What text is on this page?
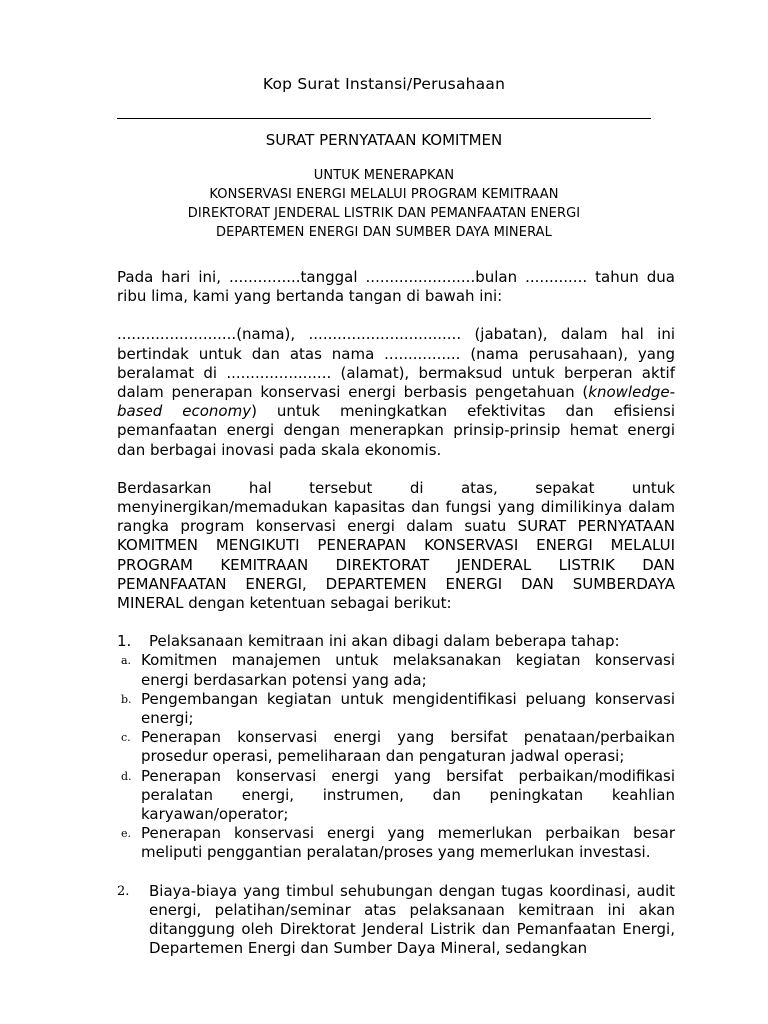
Kop Surat Instansi/Perusahaan
SURAT PERNYATAAN KOMITMEN
UNTUK MENERAPKAN
KONSERVASI ENERGI MELALUI PROGRAM KEMITRAAN
DIREKTORAT JENDERAL LISTRIK DAN PEMANFAATAN ENERGI
DEPARTEMEN ENERGI DAN SUMBER DAYA MINERAL

Pada hari ini, ...............tanggal .......................bulan ............. tahun dua ribu lima, kami yang bertanda tangan di bawah ini:

.........................(nama), ................................ (jabatan), dalam hal ini bertindak untuk dan atas nama ................ (nama perusahaan), yang beralamat di ...................... (alamat), bermaksud untuk berperan aktif dalam penerapan konservasi energi berbasis pengetahuan (knowledge-based economy) untuk meningkatkan efektivitas dan efisiensi pemanfaatan energi dengan menerapkan prinsip-prinsip hemat energi dan berbagai inovasi pada skala ekonomis.

Berdasarkan hal tersebut di atas, sepakat untuk menyinergikan/memadukan kapasitas dan fungsi yang dimilikinya dalam rangka program konservasi energi dalam suatu SURAT PERNYATAAN KOMITMEN MENGIKUTI PENERAPAN KONSERVASI ENERGI MELALUI PROGRAM KEMITRAAN DIREKTORAT JENDERAL LISTRIK DAN PEMANFAATAN ENERGI, DEPARTEMEN ENERGI DAN SUMBERDAYA MINERAL dengan ketentuan sebagai berikut:

1. Pelaksanaan kemitraan ini akan dibagi dalam beberapa tahap:
a. Komitmen manajemen untuk melaksanakan kegiatan konservasi energi berdasarkan potensi yang ada;
b. Pengembangan kegiatan untuk mengidentifikasi peluang konservasi energi;
c. Penerapan konservasi energi yang bersifat penataan/perbaikan prosedur operasi, pemeliharaan dan pengaturan jadwal operasi;
d. Penerapan konservasi energi yang bersifat perbaikan/modifikasi peralatan energi, instrumen, dan peningkatan keahlian karyawan/operator;
e. Penerapan konservasi energi yang memerlukan perbaikan besar meliputi penggantian peralatan/proses yang memerlukan investasi.
2. Biaya-biaya yang timbul sehubungan dengan tugas koordinasi, audit energi, pelatihan/seminar atas pelaksanaan kemitraan ini akan ditanggung oleh Direktorat Jenderal Listrik dan Pemanfaatan Energi, Departemen Energi dan Sumber Daya Mineral, sedangkan
